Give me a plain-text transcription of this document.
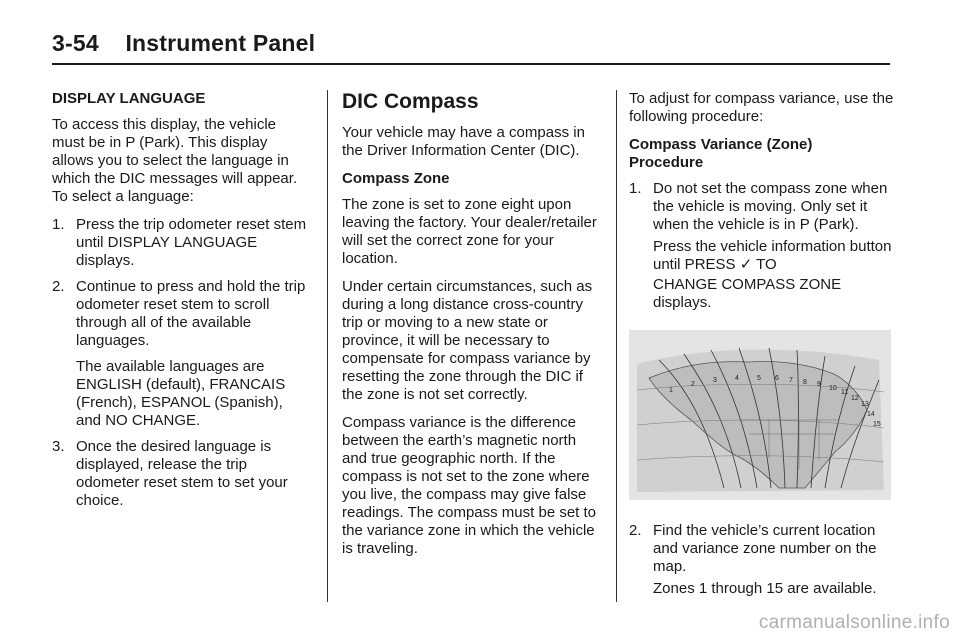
3-54 Instrument Panel
DISPLAY LANGUAGE

To access this display, the vehicle must be in P (Park). This display allows you to select the language in which the DIC messages will appear. To select a language:

1. Press the trip odometer reset stem until DISPLAY LANGUAGE displays.
2. Continue to press and hold the trip odometer reset stem to scroll through all of the available languages.
The available languages are ENGLISH (default), FRANCAIS (French), ESPANOL (Spanish), and NO CHANGE.
3. Once the desired language is displayed, release the trip odometer reset stem to set your choice.
DIC Compass

Your vehicle may have a compass in the Driver Information Center (DIC).

Compass Zone

The zone is set to zone eight upon leaving the factory. Your dealer/retailer will set the correct zone for your location.

Under certain circumstances, such as during a long distance cross-country trip or moving to a new state or province, it will be necessary to compensate for compass variance by resetting the zone through the DIC if the zone is not set correctly.

Compass variance is the difference between the earth’s magnetic north and true geographic north. If the compass is not set to the zone where you live, the compass may give false readings. The compass must be set to the variance zone in which the vehicle is traveling.

To adjust for compass variance, use the following procedure:

Compass Variance (Zone)
Procedure
1. Do not set the compass zone when the vehicle is moving. Only set it when the vehicle is in P (Park).
Press the vehicle information button until PRESS ✓ TO
CHANGE COMPASS ZONE displays.
1
2
3	4	5 6 7 8 9
10
11
12
13
14
15
2. Find the vehicle’s current location and variance zone number on the map.
Zones 1 through 15 are available.
carmanualsonline.info
